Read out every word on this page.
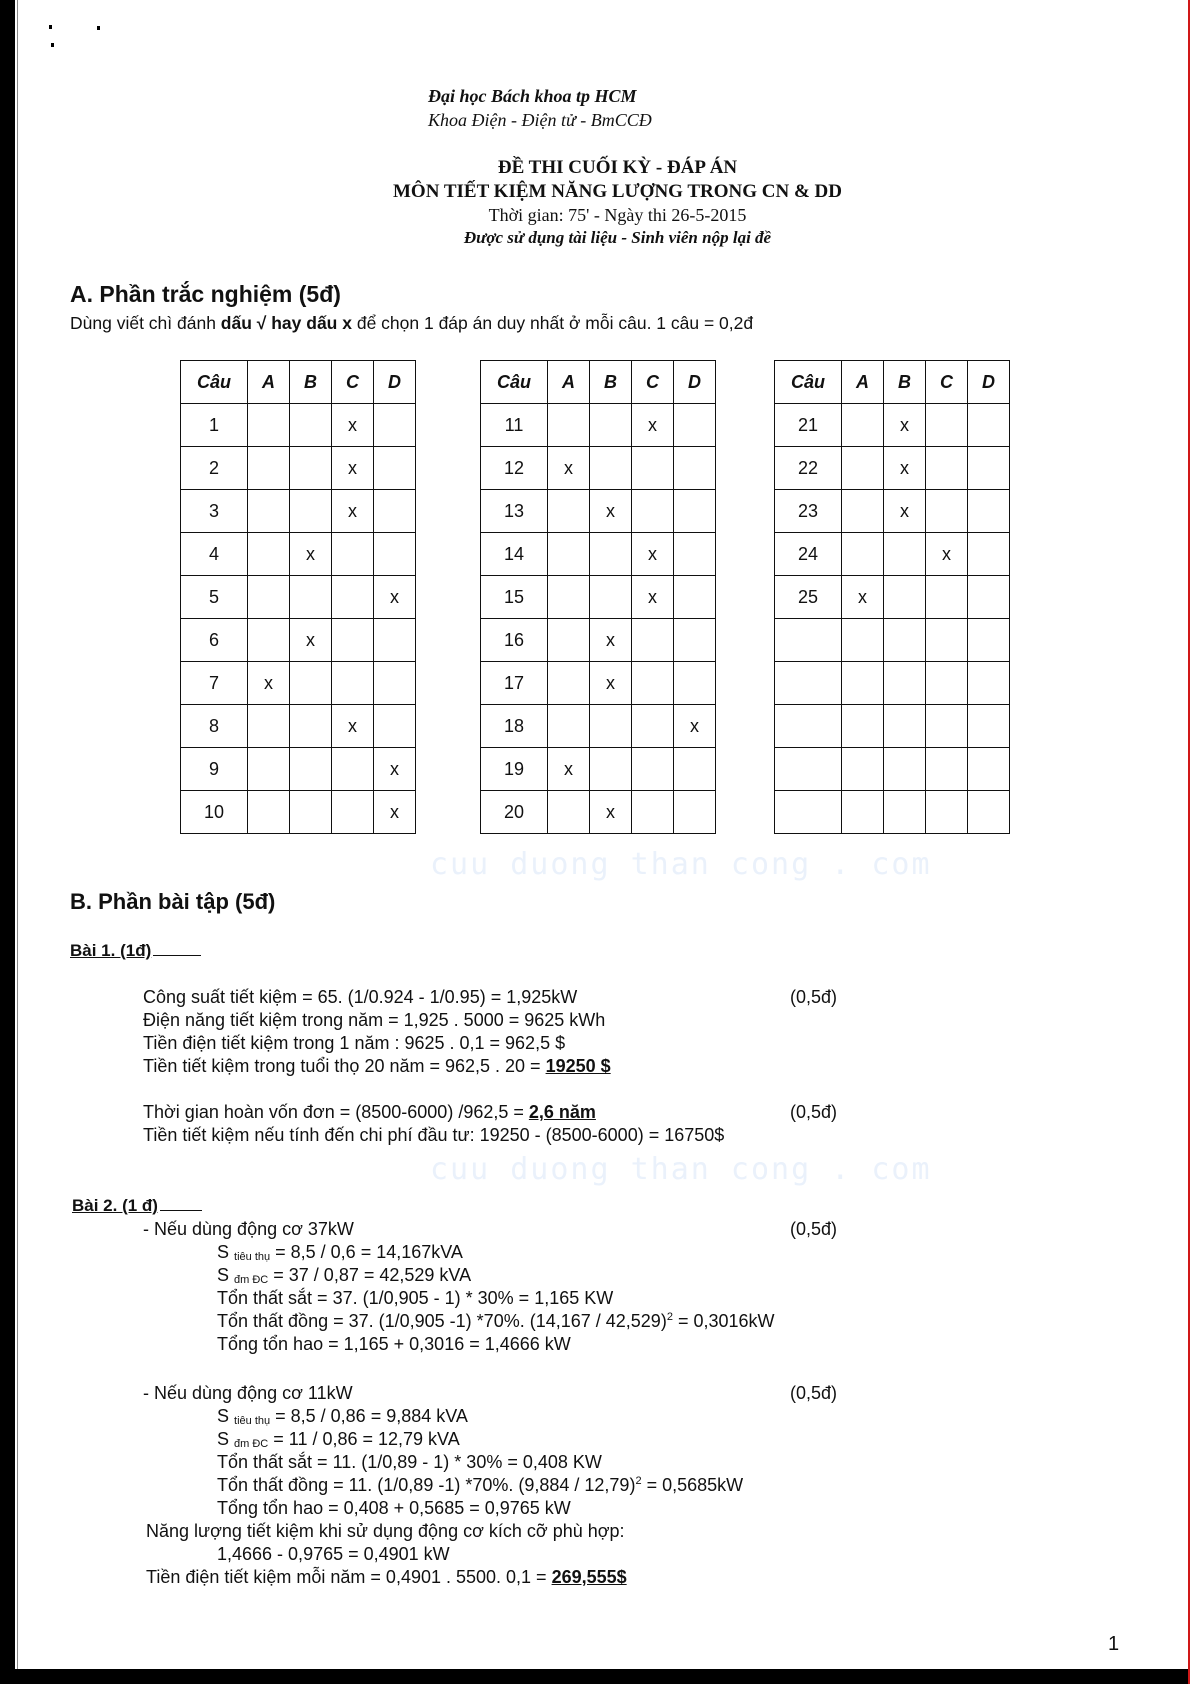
cuu duong than cong . com
cuu duong than cong . com
Đại học Bách khoa tp HCM
Khoa Điện - Điện tử - BmCCĐ
ĐỀ THI CUỐI KỲ - ĐÁP ÁN
MÔN TIẾT KIỆM NĂNG LƯỢNG TRONG CN & DD
Thời gian: 75' - Ngày thi 26-5-2015
Được sử dụng tài liệu - Sinh viên nộp lại đề
A. Phần trắc nghiệm (5đ)
Dùng viết chì đánh dấu √ hay dấu x để chọn 1 đáp án duy nhất ở mỗi câu. 1 câu = 0,2đ
Câu	A	B	C	D
1			x	
2			x	
3			x	
4		x		
5				x
6		x		
7	x			
8			x	
9				x
10				x
Câu	A	B	C	D
11			x	
12	x			
13		x		
14			x	
15			x	
16		x		
17		x		
18				x
19	x			
20		x		
Câu	A	B	C	D
21		x		
22		x		
23		x		
24			x	
25	x			

B. Phần bài tập (5đ)
Bài 1. (1đ)
Công suất tiết kiệm = 65. (1/0.924 - 1/0.95) = 1,925kW	(0,5đ)
Điện năng tiết kiệm trong năm = 1,925 . 5000 = 9625 kWh
Tiền điện tiết kiệm trong 1 năm : 9625 . 0,1 = 962,5 $
Tiền tiết kiệm trong tuổi thọ 20 năm = 962,5 . 20 = 19250 $
Thời gian hoàn vốn đơn = (8500-6000) /962,5 = 2,6 năm	(0,5đ)
Tiền tiết kiệm nếu tính đến chi phí đầu tư: 19250 - (8500-6000) = 16750$
Bài 2. (1 đ)
- Nếu dùng động cơ 37kW	(0,5đ)
S $_{tiêu thụ}$ = 8,5 / 0,6 = 14,167kVA
S $_{đm ĐC}$ = 37 / 0,87 = 42,529 kVA
Tổn thất sắt = 37. (1/0,905 - 1) * 30% = 1,165 KW
Tổn thất đồng = 37. (1/0,905 -1) *70%. (14,167 / 42,529)$^2$ = 0,3016kW
Tổng tổn hao = 1,165 + 0,3016 = 1,4666 kW
- Nếu dùng động cơ 11kW	(0,5đ)
S $_{tiêu thụ}$ = 8,5 / 0,86 = 9,884 kVA
S $_{đm ĐC}$ = 11 / 0,86 = 12,79 kVA
Tổn thất sắt = 11. (1/0,89 - 1) * 30% = 0,408 KW
Tổn thất đồng = 11. (1/0,89 -1) *70%. (9,884 / 12,79)$^2$ = 0,5685kW
Tổng tổn hao = 0,408 + 0,5685 = 0,9765 kW
Năng lượng tiết kiệm khi sử dụng động cơ kích cỡ phù hợp:
1,4666 - 0,9765 = 0,4901 kW
Tiền điện tiết kiệm mỗi năm = 0,4901 . 5500. 0,1 = 269,555$
1
